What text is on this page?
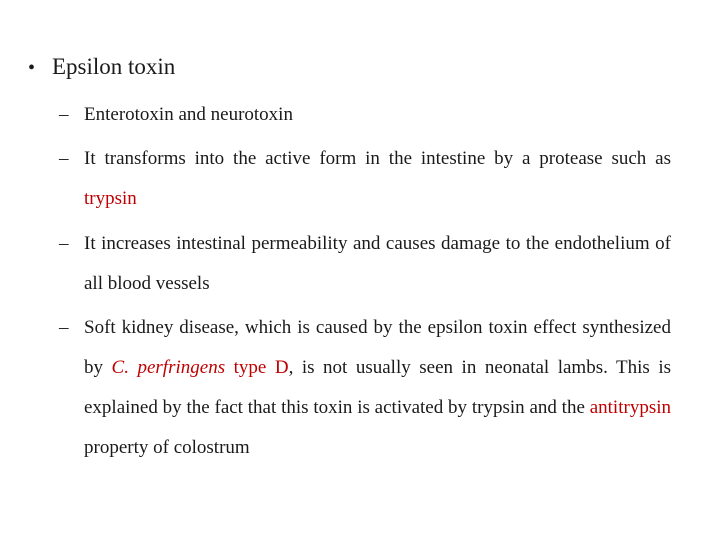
• Epsilon toxin
– Enterotoxin and neurotoxin
– It transforms into the active form in the intestine by a protease such as trypsin
– It increases intestinal permeability and causes damage to the endothelium of all blood vessels
– Soft kidney disease, which is caused by the epsilon toxin effect synthesized by C. perfringens type D, is not usually seen in neonatal lambs. This is explained by the fact that this toxin is activated by trypsin and the antitrypsin property of colostrum
